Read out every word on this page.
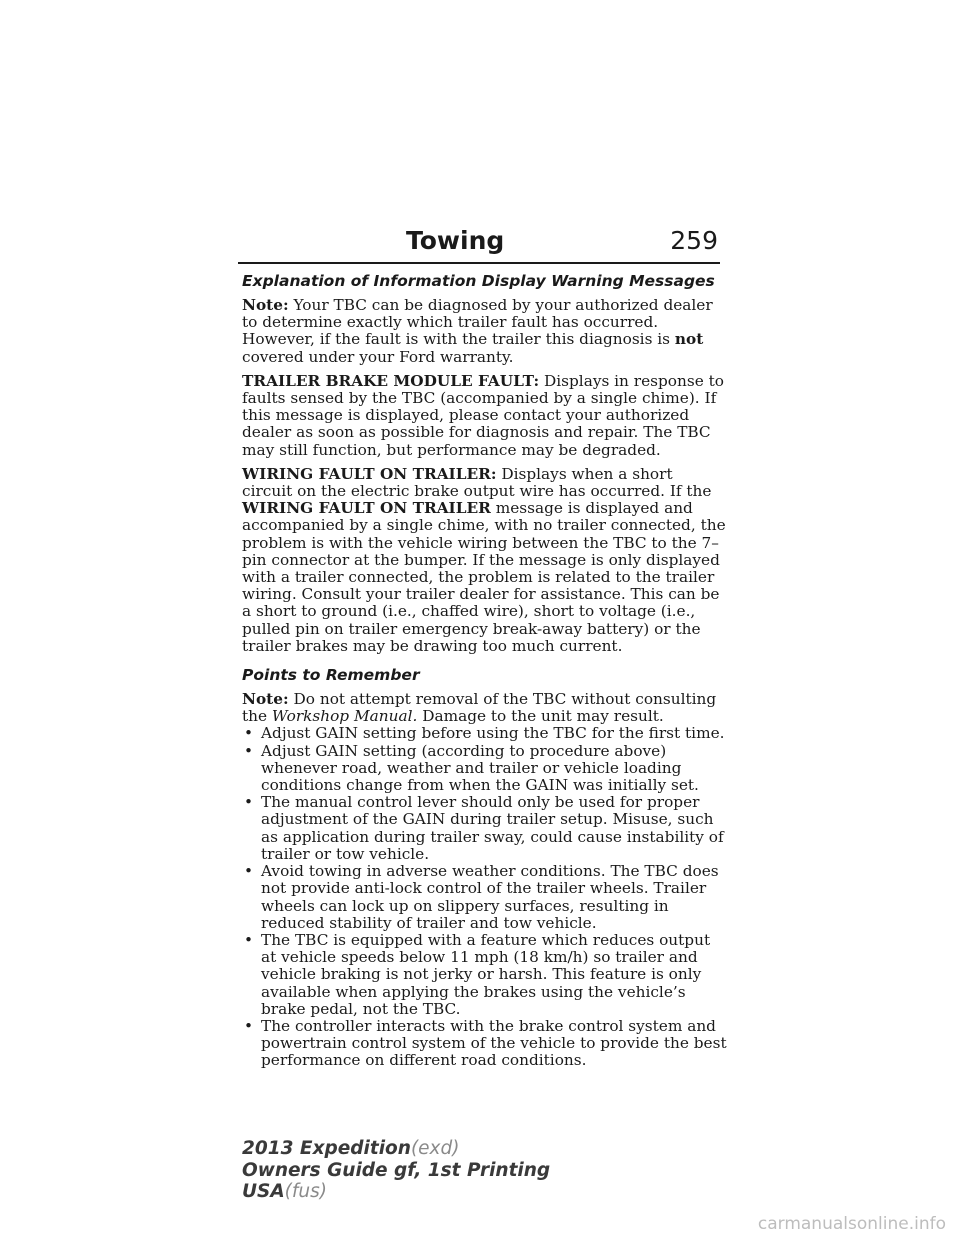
Towing	259
Explanation of Information Display Warning Messages

Note: Your TBC can be diagnosed by your authorized dealer to determine exactly which trailer fault has occurred. However, if the fault is with the trailer this diagnosis is not covered under your Ford warranty.

TRAILER BRAKE MODULE FAULT: Displays in response to faults sensed by the TBC (accompanied by a single chime). If this message is displayed, please contact your authorized dealer as soon as possible for diagnosis and repair. The TBC may still function, but performance may be degraded.

WIRING FAULT ON TRAILER: Displays when a short circuit on the electric brake output wire has occurred. If the WIRING FAULT ON TRAILER message is displayed and accompanied by a single chime, with no trailer connected, the problem is with the vehicle wiring between the TBC to the 7–pin connector at the bumper. If the message is only displayed with a trailer connected, the problem is related to the trailer wiring. Consult your trailer dealer for assistance. This can be a short to ground (i.e., chaffed wire), short to voltage (i.e., pulled pin on trailer emergency break-away battery) or the trailer brakes may be drawing too much current.

Points to Remember

Note: Do not attempt removal of the TBC without consulting the Workshop Manual. Damage to the unit may result.

• Adjust GAIN setting before using the TBC for the first time.
• Adjust GAIN setting (according to procedure above) whenever road, weather and trailer or vehicle loading conditions change from when the GAIN was initially set.
• The manual control lever should only be used for proper adjustment of the GAIN during trailer setup. Misuse, such as application during trailer sway, could cause instability of trailer or tow vehicle.
• Avoid towing in adverse weather conditions. The TBC does not provide anti-lock control of the trailer wheels. Trailer wheels can lock up on slippery surfaces, resulting in reduced stability of trailer and tow vehicle.
• The TBC is equipped with a feature which reduces output at vehicle speeds below 11 mph (18 km/h) so trailer and vehicle braking is not jerky or harsh. This feature is only available when applying the brakes using the vehicle’s brake pedal, not the TBC.
• The controller interacts with the brake control system and powertrain control system of the vehicle to provide the best performance on different road conditions.
2013 Expedition(exd)
Owners Guide gf, 1st Printing
USA(fus)
carmanualsonline.info
